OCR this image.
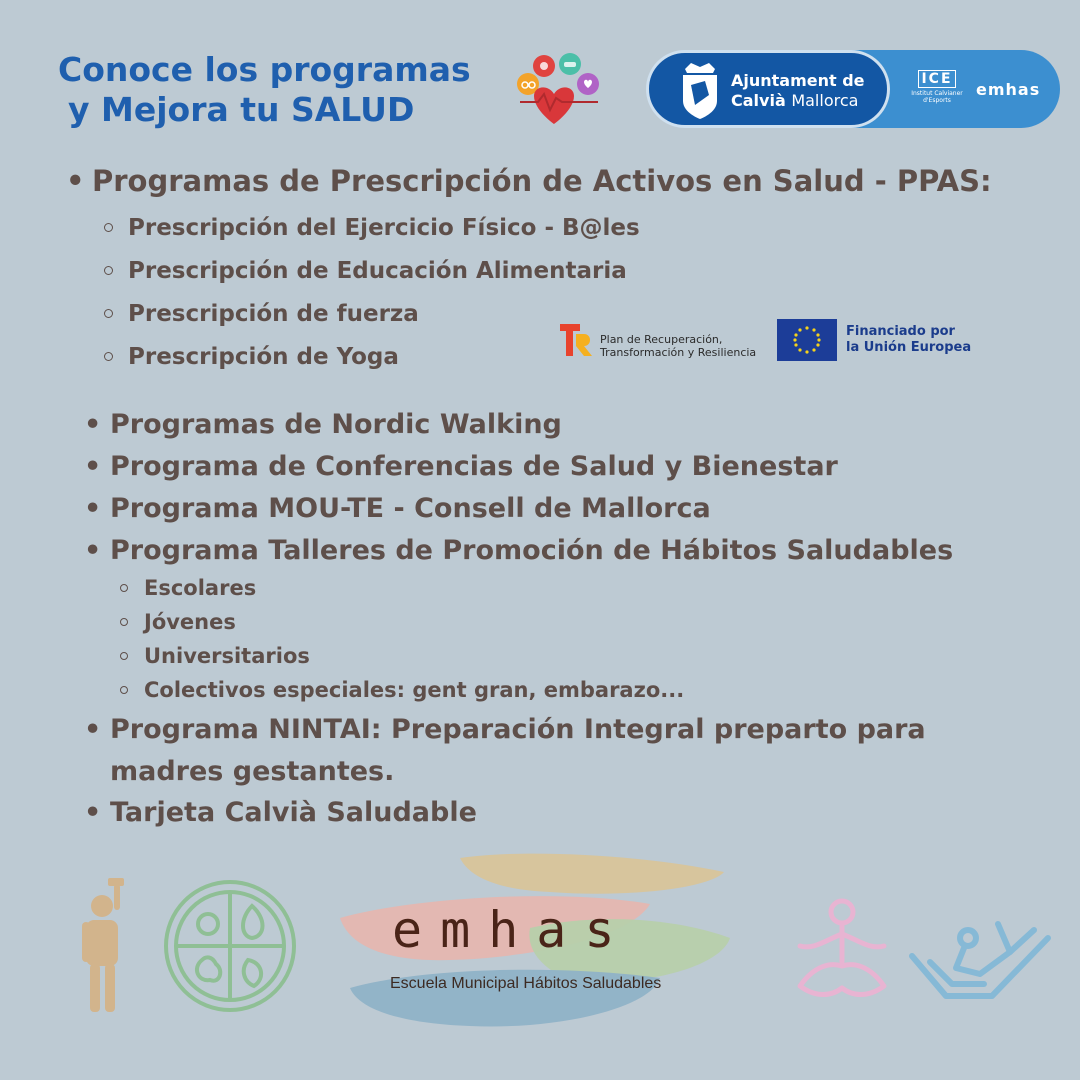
Conoce los programas
y Mejora tu SALUD
Ajuntament de
Calvià Mallorca
ICE
Institut Calvianer
d'Esports
emhas
• Programas de Prescripción de Activos en Salud - PPAS:
Prescripción del Ejercicio Físico - B@les
Prescripción de Educación Alimentaria
Prescripción de fuerza
Prescripción de Yoga
• Programas de Nordic Walking
• Programa de Conferencias de Salud y Bienestar
• Programa MOU-TE - Consell de Mallorca
• Programa Talleres de Promoción de Hábitos Saludables
Escolares
Jóvenes
Universitarios
Colectivos especiales: gent gran, embarazo...
• Programa NINTAI: Preparación Integral preparto para
madres gestantes.
• Tarjeta Calvià Saludable
Plan de Recuperación,
Transformación y Resiliencia
Financiado por
la Unión Europea
emhas
Escuela Municipal Hábitos Saludables
